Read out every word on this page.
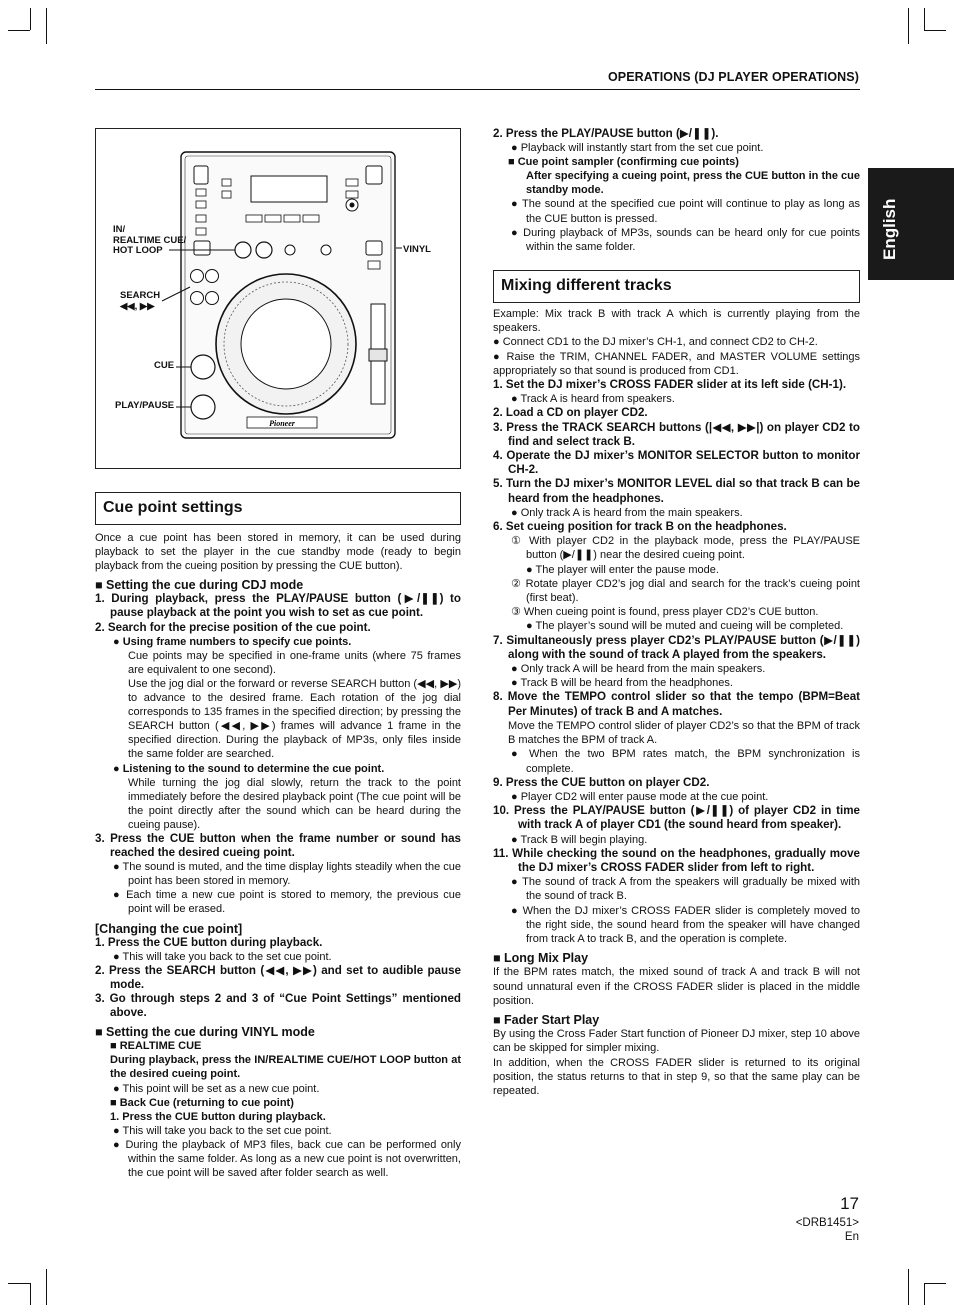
OPERATIONS (DJ PLAYER OPERATIONS)
English
Pioneer
IN/
REALTIME CUE/
HOT LOOP	VINYL
SEARCH
◀◀, ▶▶
CUE
PLAY/PAUSE
Cue point settings

Once a cue point has been stored in memory, it can be used during playback to set the player in the cue standby mode (ready to begin playback from the cueing position by pressing the CUE button).

■ Setting the cue during CDJ mode

1. During playback, press the PLAY/PAUSE button (▶/❚❚) to pause playback at the point you wish to set as cue point.

2. Search for the precise position of the cue point.

● Using frame numbers to specify cue points.

Cue points may be specified in one-frame units (where 75 frames are equivalent to one second).

Use the jog dial or the forward or reverse SEARCH button (◀◀, ▶▶) to advance to the desired frame. Each rotation of the jog dial corresponds to 135 frames in the specified direction; by pressing the SEARCH button (◀◀, ▶▶) frames will advance 1 frame in the specified direction. During the playback of MP3s, only files inside the same folder are searched.

● Listening to the sound to determine the cue point.

While turning the jog dial slowly, return the track to the point immediately before the desired playback point (The cue point will be the point directly after the sound which can be heard during the cueing pause).

3. Press the CUE button when the frame number or sound has reached the desired cueing point.

● The sound is muted, and the time display lights steadily when the cue point has been stored in memory.

● Each time a new cue point is stored to memory, the previous cue point will be erased.

[Changing the cue point]

1. Press the CUE button during playback.

● This will take you back to the set cue point.

2. Press the SEARCH button (◀◀, ▶▶) and set to audible pause mode.

3. Go through steps 2 and 3 of “Cue Point Settings” mentioned above.

■ Setting the cue during VINYL mode

■ REALTIME CUE

During playback, press the IN/REALTIME CUE/HOT LOOP button at the desired cueing point.

● This point will be set as a new cue point.

■ Back Cue (returning to cue point)

1. Press the CUE button during playback.

● This will take you back to the set cue point.

● During the playback of MP3 files, back cue can be performed only within the same folder. As long as a new cue point is not overwritten, the cue point will be saved after folder search as well.

2. Press the PLAY/PAUSE button (▶/❚❚).

● Playback will instantly start from the set cue point.

■ Cue point sampler (confirming cue points)

After specifying a cueing point, press the CUE button in the cue standby mode.

● The sound at the specified cue point will continue to play as long as the CUE button is pressed.

● During playback of MP3s, sounds can be heard only for cue points within the same folder.

Mixing different tracks

Example: Mix track B with track A which is currently playing from the speakers.

● Connect CD1 to the DJ mixer’s CH-1, and connect CD2 to CH-2.

● Raise the TRIM, CHANNEL FADER, and MASTER VOLUME settings appropriately so that sound is produced from CD1.

1. Set the DJ mixer’s CROSS FADER slider at its left side (CH-1).

● Track A is heard from speakers.

2. Load a CD on player CD2.

3. Press the TRACK SEARCH buttons (|◀◀, ▶▶|) on player CD2 to find and select track B.

4. Operate the DJ mixer’s MONITOR SELECTOR button to monitor CH-2.

5. Turn the DJ mixer’s MONITOR LEVEL dial so that track B can be heard from the headphones.

● Only track A is heard from the main speakers.

6. Set cueing position for track B on the headphones.

① With player CD2 in the playback mode, press the PLAY/PAUSE button (▶/❚❚) near the desired cueing point.

● The player will enter the pause mode.

② Rotate player CD2’s jog dial and search for the track’s cueing point (first beat).

③ When cueing point is found, press player CD2’s CUE button.

● The player’s sound will be muted and cueing will be completed.

7. Simultaneously press player CD2’s PLAY/PAUSE button (▶/❚❚) along with the sound of track A played from the speakers.

● Only track A will be heard from the main speakers.

● Track B will be heard from the headphones.

8. Move the TEMPO control slider so that the tempo (BPM=Beat Per Minutes) of track B and A matches.

Move the TEMPO control slider of player CD2’s so that the BPM of track B matches the BPM of track A.

● When the two BPM rates match, the BPM synchronization is complete.

9. Press the CUE button on player CD2.

● Player CD2 will enter pause mode at the cue point.

10. Press the PLAY/PAUSE button (▶/❚❚) of player CD2 in time with track A of player CD1 (the sound heard from speaker).

● Track B will begin playing.

11. While checking the sound on the headphones, gradually move the DJ mixer’s CROSS FADER slider from left to right.

● The sound of track A from the speakers will gradually be mixed with the sound of track B.

● When the DJ mixer’s CROSS FADER slider is completely moved to the right side, the sound heard from the speaker will have changed from track A to track B, and the operation is complete.

■ Long Mix Play

If the BPM rates match, the mixed sound of track A and track B will not sound unnatural even if the CROSS FADER slider is placed in the middle position.

■ Fader Start Play

By using the Cross Fader Start function of Pioneer DJ mixer, step 10 above can be skipped for simpler mixing.

In addition, when the CROSS FADER slider is returned to its original position, the status returns to that in step 9, so that the same play can be repeated.

17
<DRB1451>
En
